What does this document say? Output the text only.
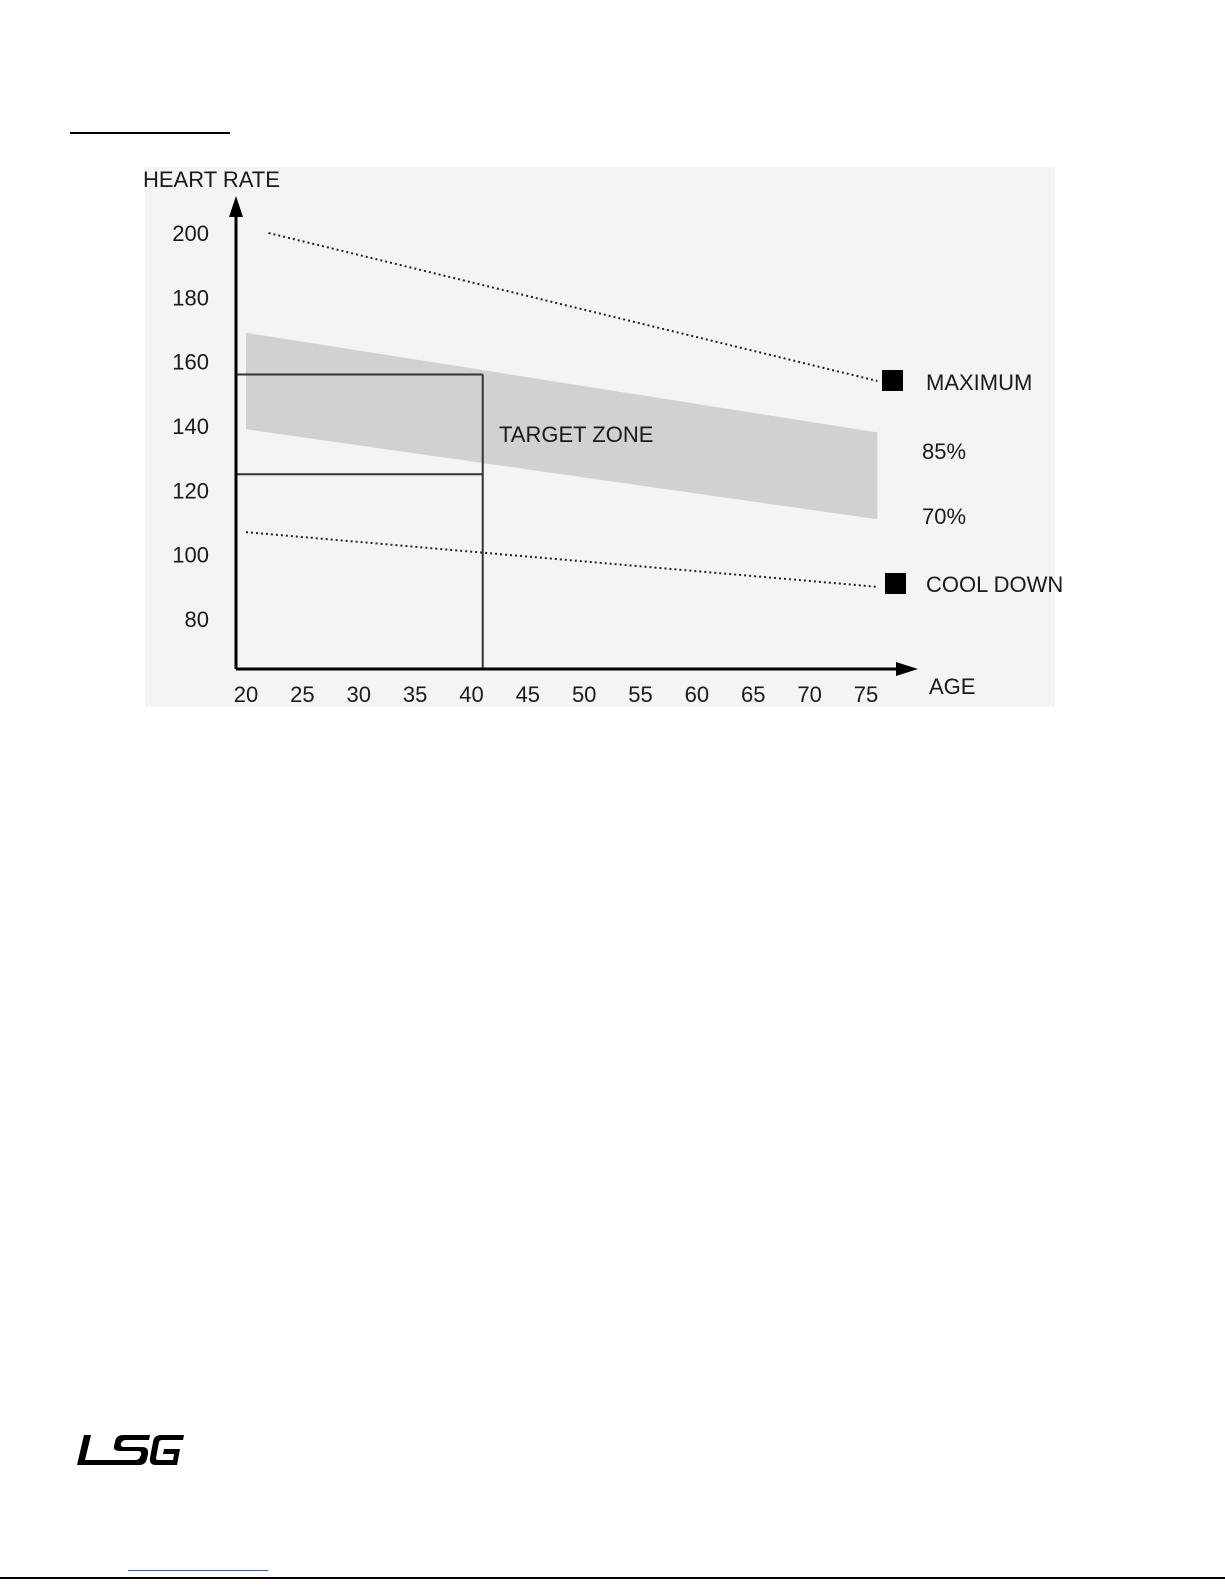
20 25 30 35 40 45 50 55 60 65 70 75
80
100
120
140
160
180
200
HEART RATE
AGE
TARGET ZONE
85%
70%
MAXIMUM
COOL DOWN
